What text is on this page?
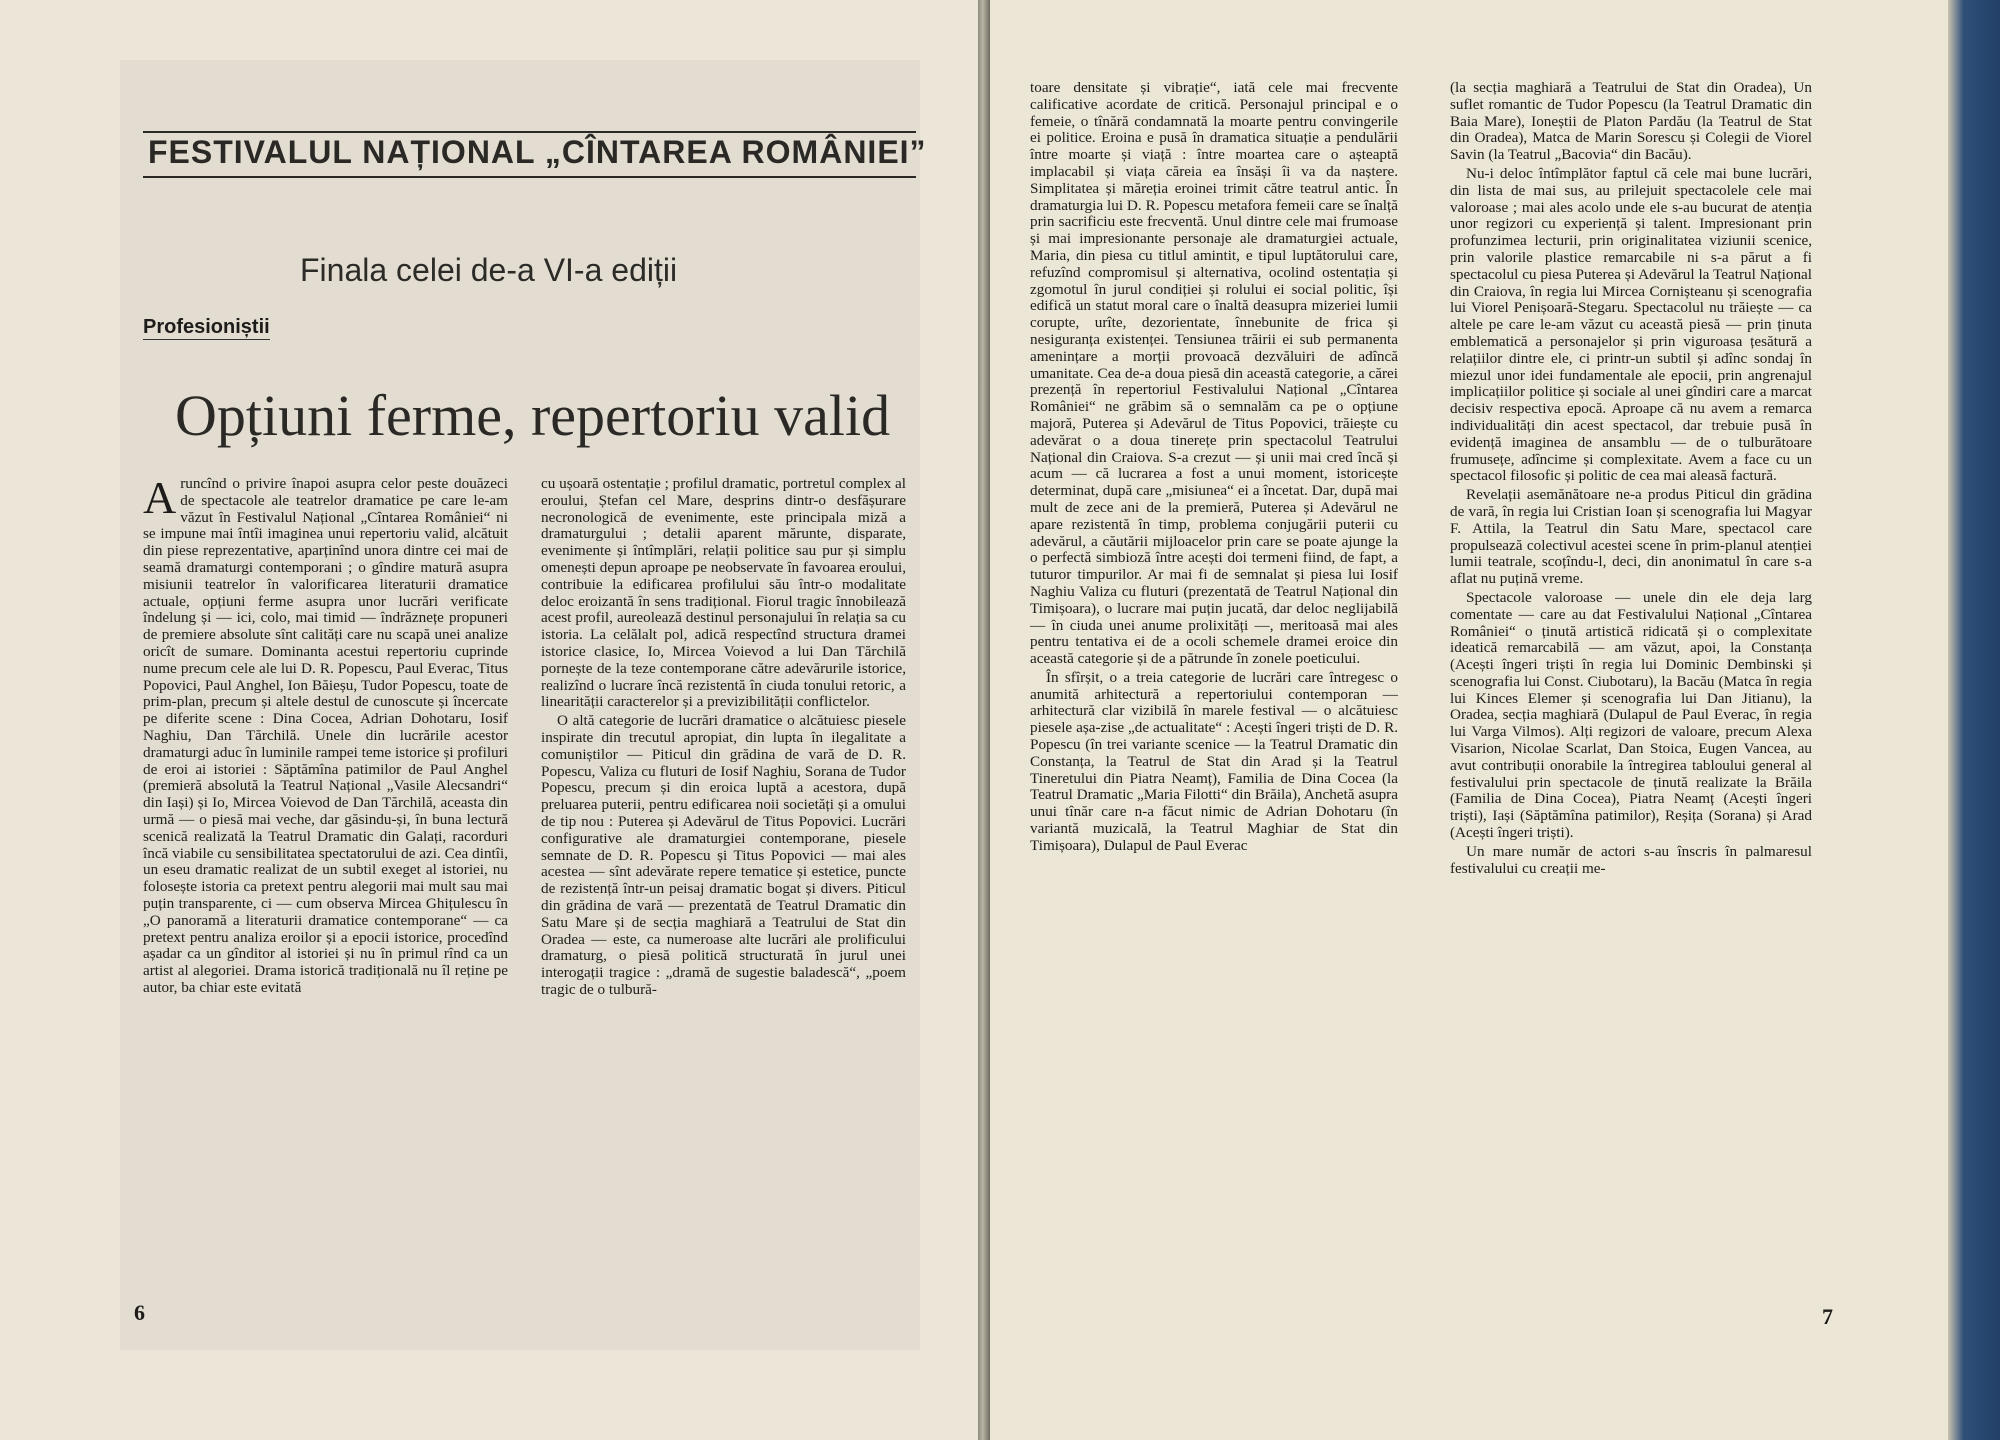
FESTIVALUL NAȚIONAL „CÎNTAREA ROMÂNIEI”
Finala celei de-a VI-a ediții
Profesioniștii
Opțiuni ferme, repertoriu valid

Aruncînd o privire înapoi asupra celor peste douăzeci de spectacole ale teatrelor dramatice pe care le-am văzut în Festivalul Național „Cîntarea României“ ni se impune mai întîi imaginea unui repertoriu valid, alcătuit din piese reprezentative, aparținînd unora dintre cei mai de seamă dramaturgi contemporani ; o gîndire matură asupra misiunii teatrelor în valorificarea literaturii dramatice actuale, opțiuni ferme asupra unor lucrări verificate îndelung și — ici, colo, mai timid — îndrăznețe propuneri de premiere absolute sînt calități care nu scapă unei analize oricît de sumare. Dominanta acestui repertoriu cuprinde nume precum cele ale lui D. R. Popescu, Paul Everac, Titus Popovici, Paul Anghel, Ion Băieșu, Tudor Popescu, toate de prim-plan, precum și altele destul de cunoscute și încercate pe diferite scene : Dina Cocea, Adrian Dohotaru, Iosif Naghiu, Dan Tărchilă. Unele din lucrările acestor dramaturgi aduc în luminile rampei teme istorice și profiluri de eroi ai istoriei : Săptămîna patimilor de Paul Anghel (premieră absolută la Teatrul Național „Vasile Alecsandri“ din Iași) și Io, Mircea Voievod de Dan Tărchilă, aceasta din urmă — o piesă mai veche, dar găsindu-și, în buna lectură scenică realizată la Teatrul Dramatic din Galați, racorduri încă viabile cu sensibilitatea spectatorului de azi. Cea dintîi, un eseu dramatic realizat de un subtil exeget al istoriei, nu folosește istoria ca pretext pentru alegorii mai mult sau mai puțin transparente, ci — cum observa Mircea Ghițulescu în „O panoramă a literaturii dramatice contemporane“ — ca pretext pentru analiza eroilor și a epocii istorice, procedînd așadar ca un gînditor al istoriei și nu în primul rînd ca un artist al alegoriei. Drama istorică tradițională nu îl reține pe autor, ba chiar este evitată

cu ușoară ostentație ; profilul dramatic, portretul complex al eroului, Ștefan cel Mare, desprins dintr-o desfășurare necronologică de evenimente, este principala miză a dramaturgului ; detalii aparent mărunte, disparate, evenimente și întîmplări, relații politice sau pur și simplu omenești depun aproape pe neobservate în favoarea eroului, contribuie la edificarea profilului său într-o modalitate deloc eroizantă în sens tradițional. Fiorul tragic înnobilează acest profil, aureolează destinul personajului în relația sa cu istoria. La celălalt pol, adică respectînd structura dramei istorice clasice, Io, Mircea Voievod a lui Dan Tărchilă pornește de la teze contemporane către adevărurile istorice, realizînd o lucrare încă rezistentă în ciuda tonului retoric, a linearității caracterelor și a previzibilității conflictelor.

O altă categorie de lucrări dramatice o alcătuiesc piesele inspirate din trecutul apropiat, din lupta în ilegalitate a comuniștilor — Piticul din grădina de vară de D. R. Popescu, Valiza cu fluturi de Iosif Naghiu, Sorana de Tudor Popescu, precum și din eroica luptă a acestora, după preluarea puterii, pentru edificarea noii societăți și a omului de tip nou : Puterea și Adevărul de Titus Popovici. Lucrări configurative ale dramaturgiei contemporane, piesele semnate de D. R. Popescu și Titus Popovici — mai ales acestea — sînt adevărate repere tematice și estetice, puncte de rezistență într-un peisaj dramatic bogat și divers. Piticul din grădina de vară — prezentată de Teatrul Dramatic din Satu Mare și de secția maghiară a Teatrului de Stat din Oradea — este, ca numeroase alte lucrări ale prolificului dramaturg, o piesă politică structurată în jurul unei interogații tragice : „dramă de sugestie baladescă“, „poem tragic de o tulbură-

6

toare densitate și vibrație“, iată cele mai frecvente calificative acordate de critică. Personajul principal e o femeie, o tînără condamnată la moarte pentru convingerile ei politice. Eroina e pusă în dramatica situație a pendulării între moarte și viață : între moartea care o așteaptă implacabil și viața căreia ea însăși îi va da naștere. Simplitatea și măreția eroinei trimit către teatrul antic. În dramaturgia lui D. R. Popescu metafora femeii care se înalță prin sacrificiu este frecventă. Unul dintre cele mai frumoase și mai impresionante personaje ale dramaturgiei actuale, Maria, din piesa cu titlul amintit, e tipul luptătorului care, refuzînd compromisul și alternativa, ocolind ostentația și zgomotul în jurul condiției și rolului ei social politic, își edifică un statut moral care o înaltă deasupra mizeriei lumii corupte, urîte, dezorientate, înnebunite de frica și nesiguranța existenței. Tensiunea trăirii ei sub permanenta amenințare a morții provoacă dezvăluiri de adîncă umanitate. Cea de-a doua piesă din această categorie, a cărei prezență în repertoriul Festivalului Național „Cîntarea României“ ne grăbim să o semnalăm ca pe o opțiune majoră, Puterea și Adevărul de Titus Popovici, trăiește cu adevărat o a doua tinerețe prin spectacolul Teatrului Național din Craiova. S-a crezut — și unii mai cred încă și acum — că lucrarea a fost a unui moment, istoricește determinat, după care „misiunea“ ei a încetat. Dar, după mai mult de zece ani de la premieră, Puterea și Adevărul ne apare rezistentă în timp, problema conjugării puterii cu adevărul, a căutării mijloacelor prin care se poate ajunge la o perfectă simbioză între acești doi termeni fiind, de fapt, a tuturor timpurilor. Ar mai fi de semnalat și piesa lui Iosif Naghiu Valiza cu fluturi (prezentată de Teatrul Național din Timișoara), o lucrare mai puțin jucată, dar deloc neglijabilă — în ciuda unei anume prolixități —, meritoasă mai ales pentru tentativa ei de a ocoli schemele dramei eroice din această categorie și de a pătrunde în zonele poeticului.

În sfîrșit, o a treia categorie de lucrări care întregesc o anumită arhitectură a repertoriului contemporan — arhitectură clar vizibilă în marele festival — o alcătuiesc piesele așa-zise „de actualitate“ : Acești îngeri triști de D. R. Popescu (în trei variante scenice — la Teatrul Dramatic din Constanța, la Teatrul de Stat din Arad și la Teatrul Tineretului din Piatra Neamț), Familia de Dina Cocea (la Teatrul Dramatic „Maria Filotti“ din Brăila), Anchetă asupra unui tînăr care n-a făcut nimic de Adrian Dohotaru (în variantă muzicală, la Teatrul Maghiar de Stat din Timișoara), Dulapul de Paul Everac

(la secția maghiară a Teatrului de Stat din Oradea), Un suflet romantic de Tudor Popescu (la Teatrul Dramatic din Baia Mare), Ioneștii de Platon Pardău (la Teatrul de Stat din Oradea), Matca de Marin Sorescu și Colegii de Viorel Savin (la Teatrul „Bacovia“ din Bacău).

Nu-i deloc întîmplător faptul că cele mai bune lucrări, din lista de mai sus, au prilejuit spectacolele cele mai valoroase ; mai ales acolo unde ele s-au bucurat de atenția unor regizori cu experiență și talent. Impresionant prin profunzimea lecturii, prin originalitatea viziunii scenice, prin valorile plastice remarcabile ni s-a părut a fi spectacolul cu piesa Puterea și Adevărul la Teatrul Național din Craiova, în regia lui Mircea Cornișteanu și scenografia lui Viorel Penișoară-Stegaru. Spectacolul nu trăiește — ca altele pe care le-am văzut cu această piesă — prin ținuta emblematică a personajelor și prin viguroasa țesătură a relațiilor dintre ele, ci printr-un subtil și adînc sondaj în miezul unor idei fundamentale ale epocii, prin angrenajul implicațiilor politice și sociale al unei gîndiri care a marcat decisiv respectiva epocă. Aproape că nu avem a remarca individualități din acest spectacol, dar trebuie pusă în evidență imaginea de ansamblu — de o tulburătoare frumusețe, adîncime și complexitate. Avem a face cu un spectacol filosofic și politic de cea mai aleasă factură.

Revelații asemănătoare ne-a produs Piticul din grădina de vară, în regia lui Cristian Ioan și scenografia lui Magyar F. Attila, la Teatrul din Satu Mare, spectacol care propulsează colectivul acestei scene în prim-planul atenției lumii teatrale, scoțîndu-l, deci, din anonimatul în care s-a aflat nu puțină vreme.

Spectacole valoroase — unele din ele deja larg comentate — care au dat Festivalului Național „Cîntarea României“ o ținută artistică ridicată și o complexitate ideatică remarcabilă — am văzut, apoi, la Constanța (Acești îngeri triști în regia lui Dominic Dembinski și scenografia lui Const. Ciubotaru), la Bacău (Matca în regia lui Kinces Elemer și scenografia lui Dan Jitianu), la Oradea, secția maghiară (Dulapul de Paul Everac, în regia lui Varga Vilmos). Alți regizori de valoare, precum Alexa Visarion, Nicolae Scarlat, Dan Stoica, Eugen Vancea, au avut contribuții onorabile la întregirea tabloului general al festivalului prin spectacole de ținută realizate la Brăila (Familia de Dina Cocea), Piatra Neamț (Acești îngeri triști), Iași (Săptămîna patimilor), Reșița (Sorana) și Arad (Acești îngeri triști).

Un mare număr de actori s-au înscris în palmaresul festivalului cu creații me-

7
